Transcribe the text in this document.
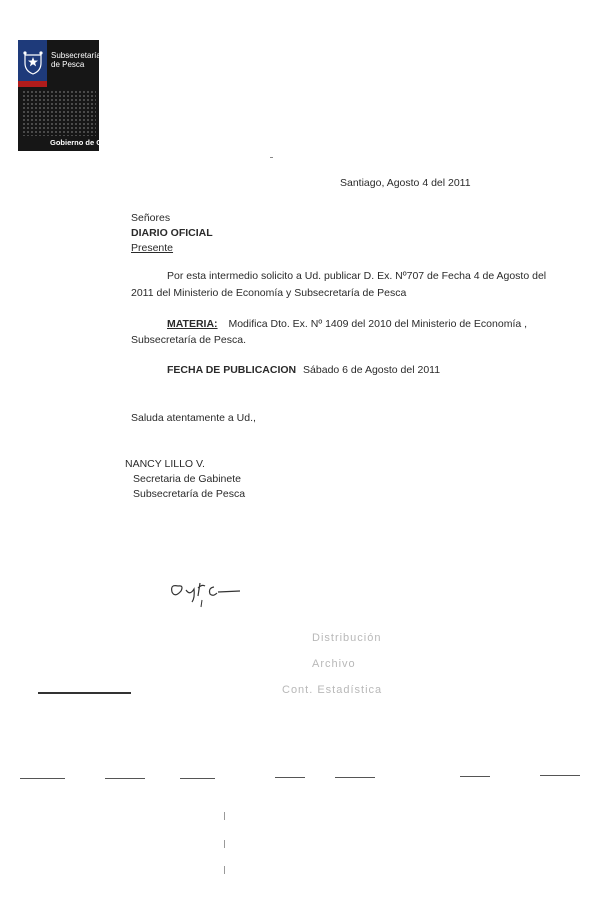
Subsecretaría de Pesca
Gobierno de Chile
Santiago, Agosto 4 del 2011
Señores
DIARIO OFICIAL
Presente
Por esta intermedio solicito a Ud. publicar D. Ex. Nº707 de Fecha 4 de Agosto del
2011 del Ministerio de Economía y Subsecretaría de Pesca
MATERIA: Modifica Dto. Ex. Nº 1409 del 2010 del Ministerio de Economía ,
Subsecretaría de Pesca.
FECHA DE PUBLICACION Sábado 6 de Agosto del 2011
Saluda atentamente a Ud.,
NANCY LILLO V.
Secretaria de Gabinete
Subsecretaría de Pesca
Distribución
Archivo
Cont. Estadística
